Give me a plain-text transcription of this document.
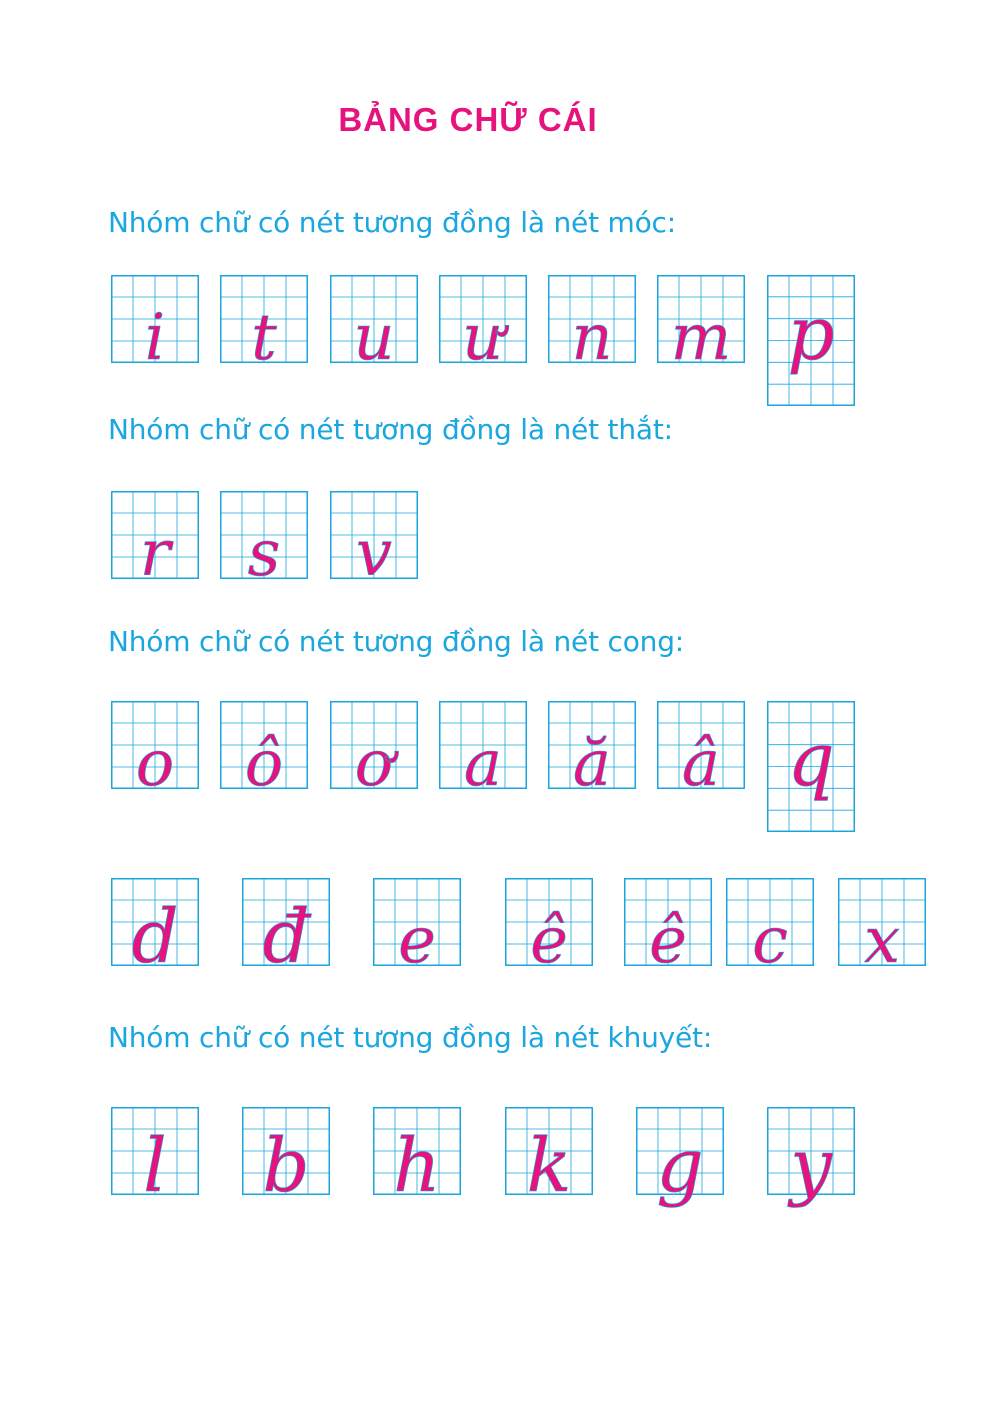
BẢNG CHỮ CÁI
Nhóm chữ có nét tương đồng là nét móc:
Nhóm chữ có nét tương đồng là nét thắt:
Nhóm chữ có nét tương đồng là nét cong:
Nhóm chữ có nét tương đồng là nét khuyết:
i t u ư n m p
r s v
o ô ơ a ă â q
d đ e ê ê c x
l b h k g y
